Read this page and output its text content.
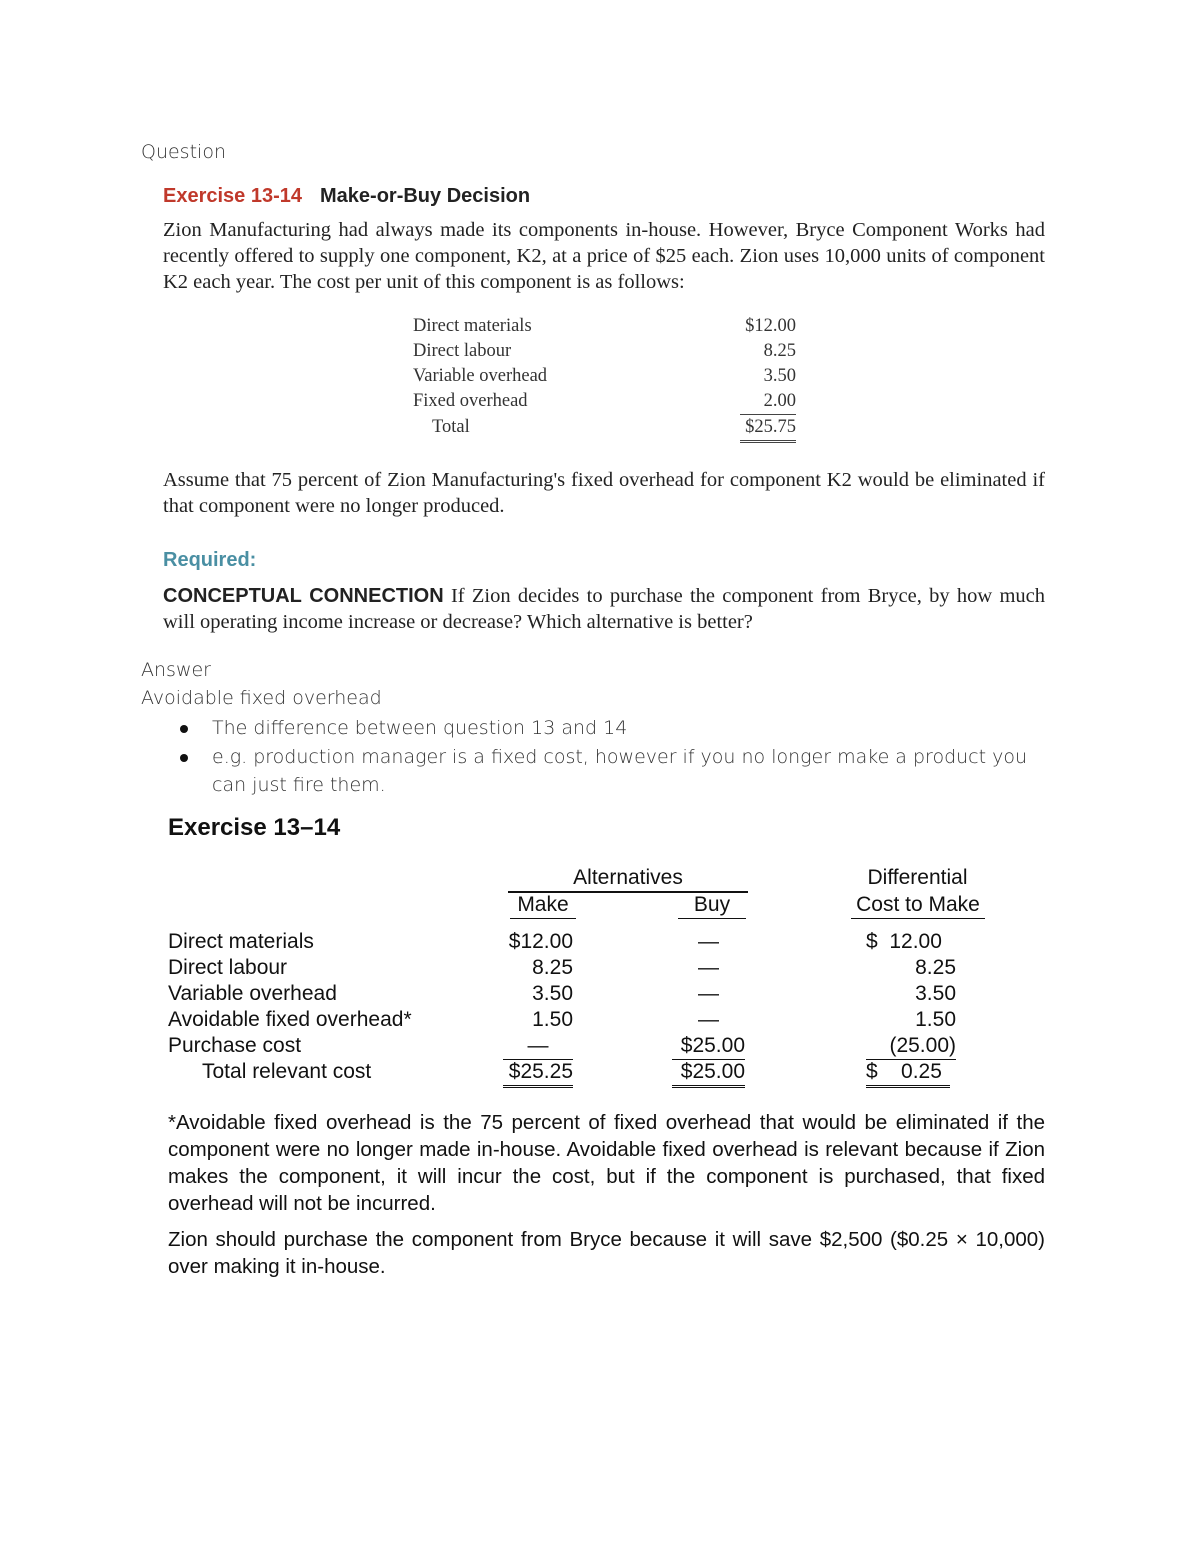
Question
Exercise 13-14 Make-or-Buy Decision
Zion Manufacturing had always made its components in-house. However, Bryce Component Works had recently offered to supply one component, K2, at a price of $25 each. Zion uses 10,000 units of component K2 each year. The cost per unit of this component is as follows:
Direct materials	$12.00
Direct labour	8.25
Variable overhead	3.50
Fixed overhead	2.00
Total	$25.75
Assume that 75 percent of Zion Manufacturing's fixed overhead for component K2 would be eliminated if that component were no longer produced.
Required:
CONCEPTUAL CONNECTION If Zion decides to purchase the component from Bryce, by how much will operating income increase or decrease? Which alternative is better?
Answer
Avoidable fixed overhead
The difference between question 13 and 14
e.g. production manager is a fixed cost, however if you no longer make a product you can just fire them.
Exercise 13–14
Alternatives
Make	Buy
Differential
Cost to Make
Direct materials	$12.00	—	$  12.00
Direct labour	8.25	—	8.25
Variable overhead	3.50	—	3.50
Avoidable fixed overhead*	1.50	—	1.50
Purchase cost	—	$25.00	(25.00)
Total relevant cost	$25.25	$25.00	$    0.25
*Avoidable fixed overhead is the 75 percent of fixed overhead that would be eliminated if the component were no longer made in-house. Avoidable fixed overhead is relevant because if Zion makes the component, it will incur the cost, but if the component is purchased, that fixed overhead will not be incurred.
Zion should purchase the component from Bryce because it will save $2,500 ($0.25 × 10,000) over making it in-house.
